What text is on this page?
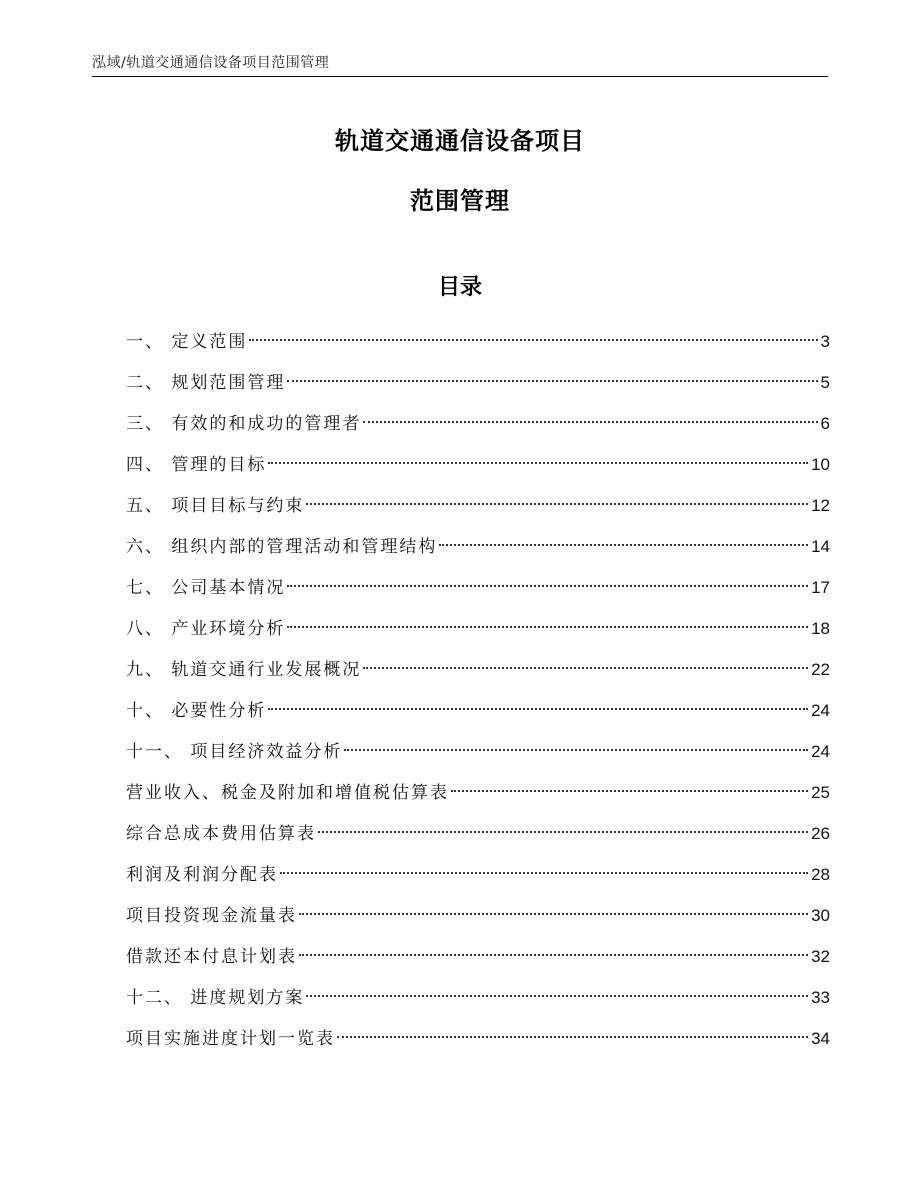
泓域/轨道交通通信设备项目范围管理
轨道交通通信设备项目
范围管理
目录
一、 定义范围	3
二、 规划范围管理	5
三、 有效的和成功的管理者	6
四、 管理的目标	10
五、 项目目标与约束	12
六、 组织内部的管理活动和管理结构	14
七、 公司基本情况	17
八、 产业环境分析	18
九、 轨道交通行业发展概况	22
十、 必要性分析	24
十一、 项目经济效益分析	24
营业收入、税金及附加和增值税估算表	25
综合总成本费用估算表	26
利润及利润分配表	28
项目投资现金流量表	30
借款还本付息计划表	32
十二、 进度规划方案	33
项目实施进度计划一览表	34
